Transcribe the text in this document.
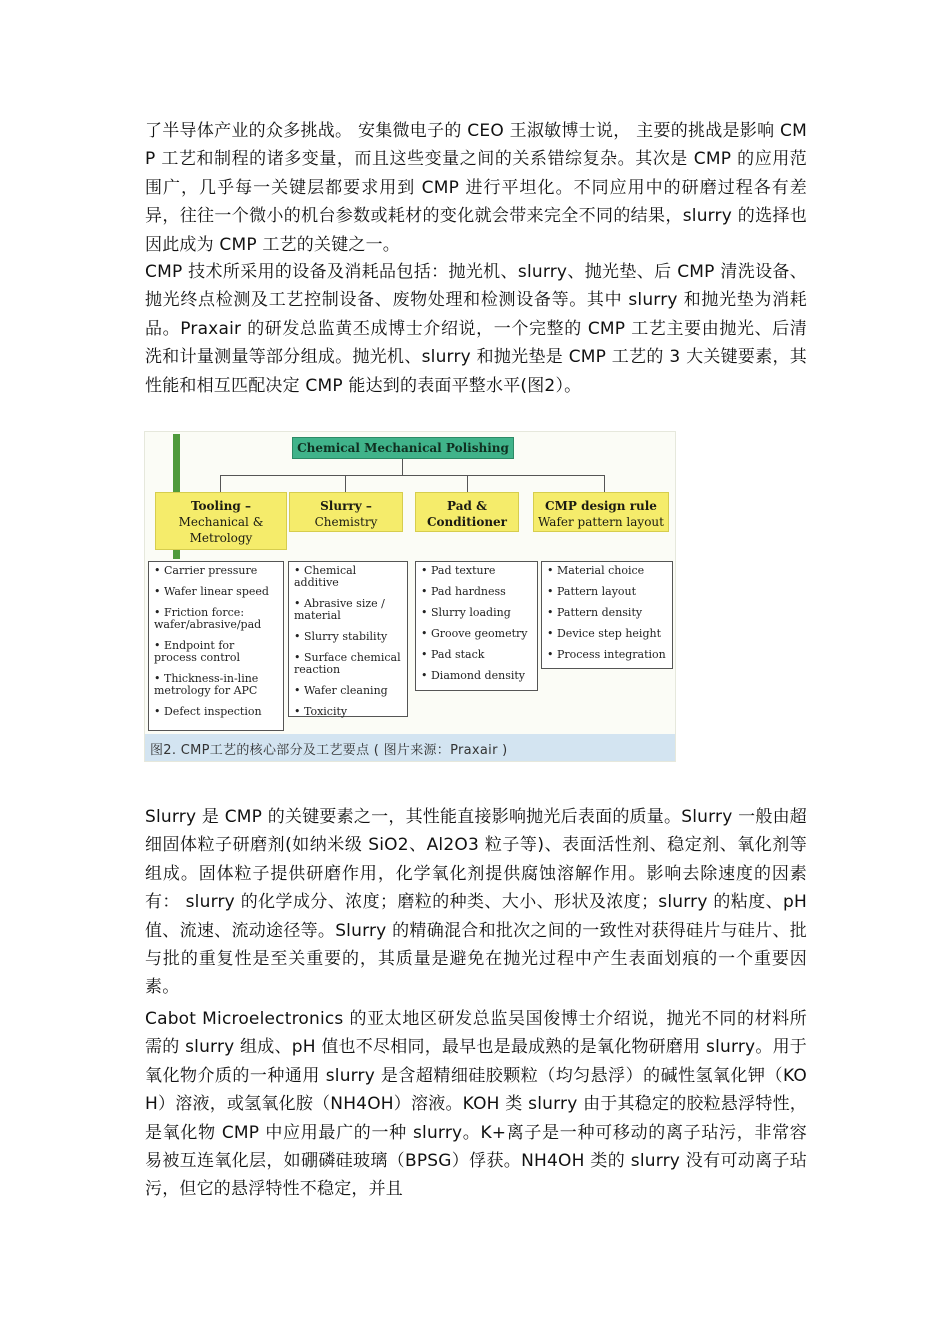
了半导体产业的众多挑战。 安集微电子的 CEO 王淑敏博士说， 主要的挑战是影响 CMP 工艺和制程的诸多变量，而且这些变量之间的关系错综复杂。其次是 CMP 的应用范围广，几乎每一关键层都要求用到 CMP 进行平坦化。不同应用中的研磨过程各有差异，往往一个微小的机台参数或耗材的变化就会带来完全不同的结果，slurry 的选择也因此成为 CMP 工艺的关键之一。
CMP 技术所采用的设备及消耗品包括：抛光机、slurry、抛光垫、后 CMP 清洗设备、抛光终点检测及工艺控制设备、废物处理和检测设备等。其中 slurry 和抛光垫为消耗品。Praxair 的研发总监黄丕成博士介绍说，一个完整的 CMP 工艺主要由抛光、后清洗和计量测量等部分组成。抛光机、slurry 和抛光垫是 CMP 工艺的 3 大关键要素，其性能和相互匹配决定 CMP 能达到的表面平整水平(图2）。
Chemical Mechanical Polishing
Tooling –
Mechanical & Metrology
Slurry –
Chemistry
Pad &
Conditioner
CMP design rule
Wafer pattern layout
• Carrier pressure
• Wafer linear speed
• Friction force: wafer/abrasive/pad
• Endpoint for process control
• Thickness-in-line metrology for APC
• Defect inspection
• Chemical additive
• Abrasive size / material
• Slurry stability
• Surface chemical reaction
• Wafer cleaning
• Toxicity
• Pad texture
• Pad hardness
• Slurry loading
• Groove geometry
• Pad stack
• Diamond density
• Material choice
• Pattern layout
• Pattern density
• Device step height
• Process integration
图2. CMP工艺的核心部分及工艺要点 ( 图片来源：Praxair )
Slurry 是 CMP 的关键要素之一，其性能直接影响抛光后表面的质量。Slurry 一般由超细固体粒子研磨剂(如纳米级 SiO2、Al2O3 粒子等)、表面活性剂、稳定剂、氧化剂等组成。固体粒子提供研磨作用，化学氧化剂提供腐蚀溶解作用。影响去除速度的因素有： slurry 的化学成分、浓度；磨粒的种类、大小、形状及浓度；slurry 的粘度、pH 值、流速、流动途径等。Slurry 的精确混合和批次之间的一致性对获得硅片与硅片、批与批的重复性是至关重要的，其质量是避免在抛光过程中产生表面划痕的一个重要因素。
Cabot Microelectronics 的亚太地区研发总监吴国俊博士介绍说，抛光不同的材料所需的 slurry 组成、pH 值也不尽相同，最早也是最成熟的是氧化物研磨用 slurry。用于氧化物介质的一种通用 slurry 是含超精细硅胶颗粒（均匀悬浮）的碱性氢氧化钾（KOH）溶液，或氢氧化胺（NH4OH）溶液。KOH 类 slurry 由于其稳定的胶粒悬浮特性，是氧化物 CMP 中应用最广的一种 slurry。K+离子是一种可移动的离子玷污，非常容易被互连氧化层，如硼磷硅玻璃（BPSG）俘获。NH4OH 类的 slurry 没有可动离子玷污，但它的悬浮特性不稳定，并且
